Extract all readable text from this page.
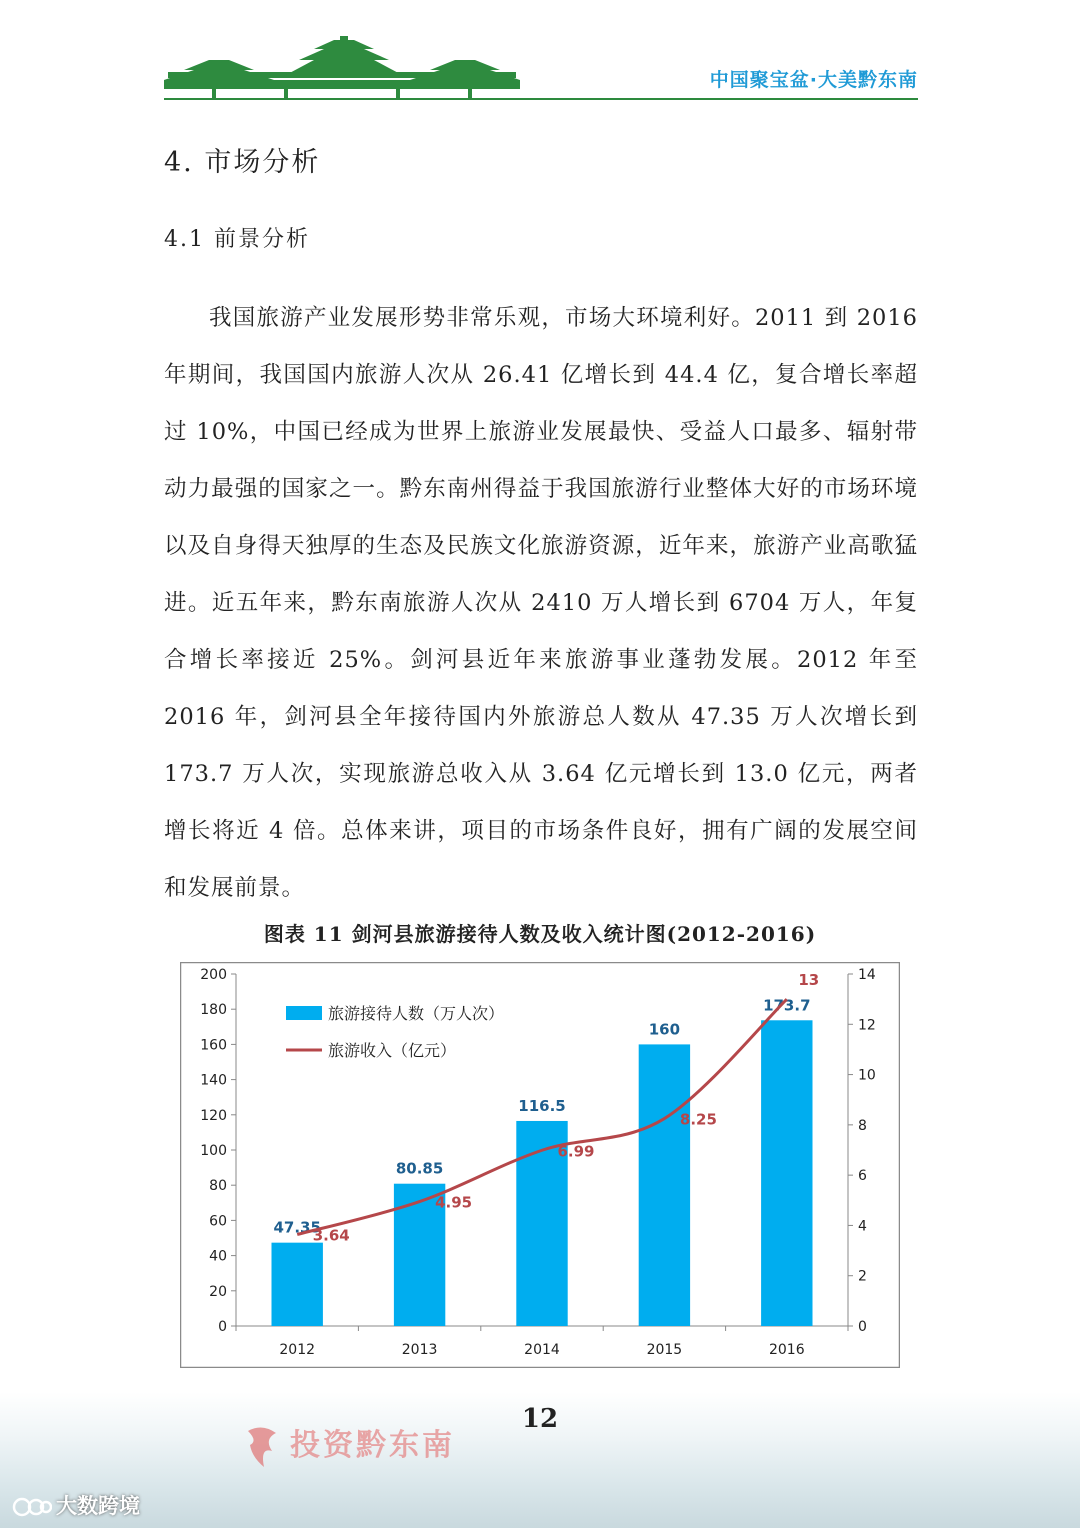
中国聚宝盆·大美黔东南
4. 市场分析
4.1 前景分析

我国旅游产业发展形势非常乐观，市场大环境利好。2011 到 2016 年期间，我国国内旅游人次从 26.41 亿增长到 44.4 亿，复合增长率超过 10%，中国已经成为世界上旅游业发展最快、受益人口最多、辐射带动力最强的国家之一。黔东南州得益于我国旅游行业整体大好的市场环境以及自身得天独厚的生态及民族文化旅游资源，近年来，旅游产业高歌猛进。近五年来，黔东南旅游人次从 2410 万人增长到 6704 万人，年复合增长率接近 25%。剑河县近年来旅游事业蓬勃发展。2012 年至 2016 年，剑河县全年接待国内外旅游总人数从 47.35 万人次增长到 173.7 万人次，实现旅游总收入从 3.64 亿元增长到 13.0 亿元，两者增长将近 4 倍。总体来讲，项目的市场条件良好，拥有广阔的发展空间和发展前景。

图表 11 剑河县旅游接待人数及收入统计图(2012-2016)
0
20
40
60
80
100
120
140
160
180
200
0
2
4
6
8
10
12
14
2012	2013	2014	2015	2016
47.35
80.85
116.5
160
173.7
3.64
4.95
6.99
8.25
13
旅游接待人数（万人次）
旅游收入（亿元）
12
投资黔东南
大数跨境
